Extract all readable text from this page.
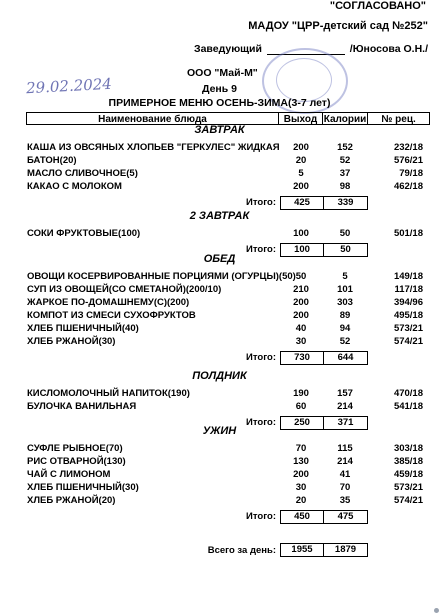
"СОГЛАСОВАНО"
МАДОУ "ЦРР-детский сад №252"
Заведующий	/Юносова О.Н./
ООО "Май-М"
29.02.2024	День 9
ПРИМЕРНОЕ МЕНЮ ОСЕНЬ-ЗИМА(3-7 лет)
Наименование блюда	Выход Калории	№ рец.
ЗАВТРАК
КАША ИЗ ОВСЯНЫХ ХЛОПЬЕВ "ГЕРКУЛЕС" ЖИДКАЯ	200	152	232/18
БАТОН(20)	20	52	576/21
МАСЛО СЛИВОЧНОЕ(5)	5	37	79/18
КАКАО С МОЛОКОМ	200	98	462/18
Итого:	425	339
2 ЗАВТРАК
СОКИ ФРУКТОВЫЕ(100)	100	50	501/18
Итого:	100	50
ОБЕД
ОВОЩИ КОСЕРВИРОВАННЫЕ ПОРЦИЯМИ (ОГУРЦЫ)(50) 50	5	149/18
СУП ИЗ ОВОЩЕЙ(СО СМЕТАНОЙ)(200/10)	210	101	117/18
ЖАРКОЕ ПО-ДОМАШНЕМУ(С)(200)	200	303	394/96
КОМПОТ ИЗ СМЕСИ СУХОФРУКТОВ	200	89	495/18
ХЛЕБ ПШЕНИЧНЫЙ(40)	40	94	573/21
ХЛЕБ РЖАНОЙ(30)	30	52	574/21
Итого:	730	644
ПОЛДНИК
КИСЛОМОЛОЧНЫЙ НАПИТОК(190)	190	157	470/18
БУЛОЧКА ВАНИЛЬНАЯ	60	214	541/18
Итого:	250	371
УЖИН
СУФЛЕ РЫБНОЕ(70)	70	115	303/18
РИС ОТВАРНОЙ(130)	130	214	385/18
ЧАЙ С ЛИМОНОМ	200	41	459/18
ХЛЕБ ПШЕНИЧНЫЙ(30)	30	70	573/21
ХЛЕБ РЖАНОЙ(20)	20	35	574/21
Итого:	450	475
Всего за день:	1955	1879
